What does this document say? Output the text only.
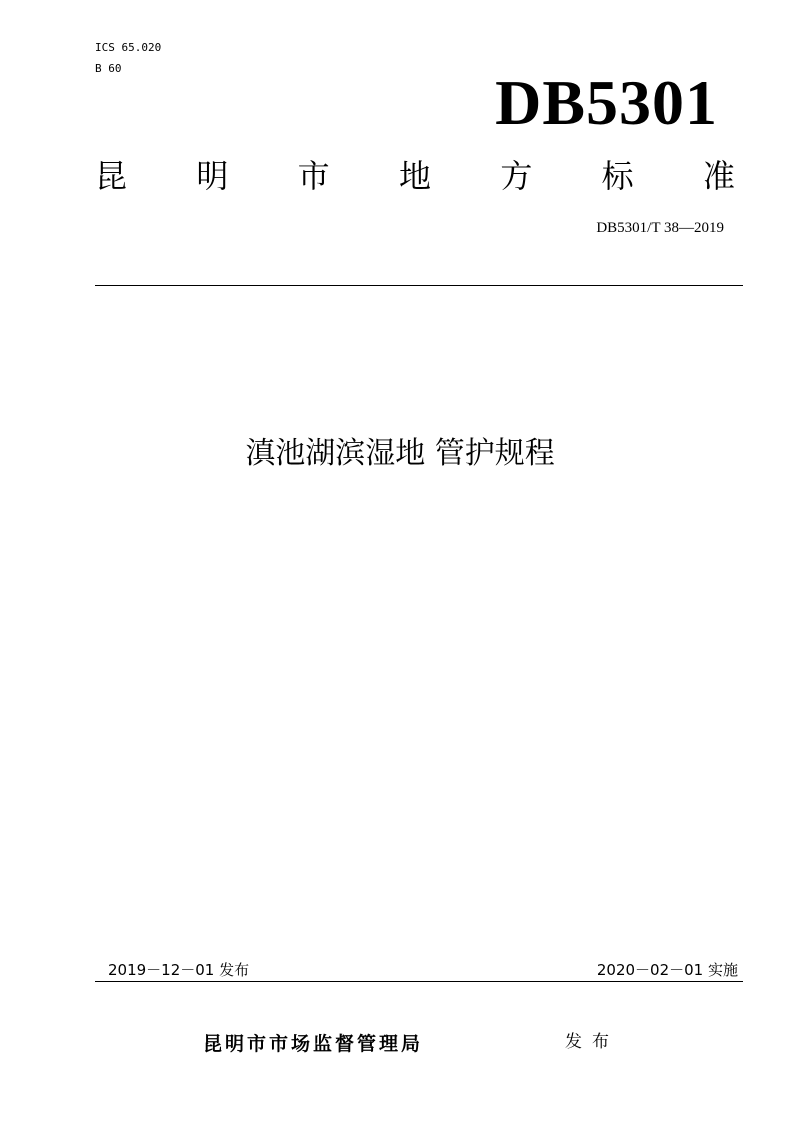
ICS 65.020
B 60	DB5301
昆 明 市 地 方 标 准
DB5301/T 38—2019
滇池湖滨湿地 管护规程
2019－12－01 发布	2020－02－01 实施
昆明市市场监督管理局	发布
